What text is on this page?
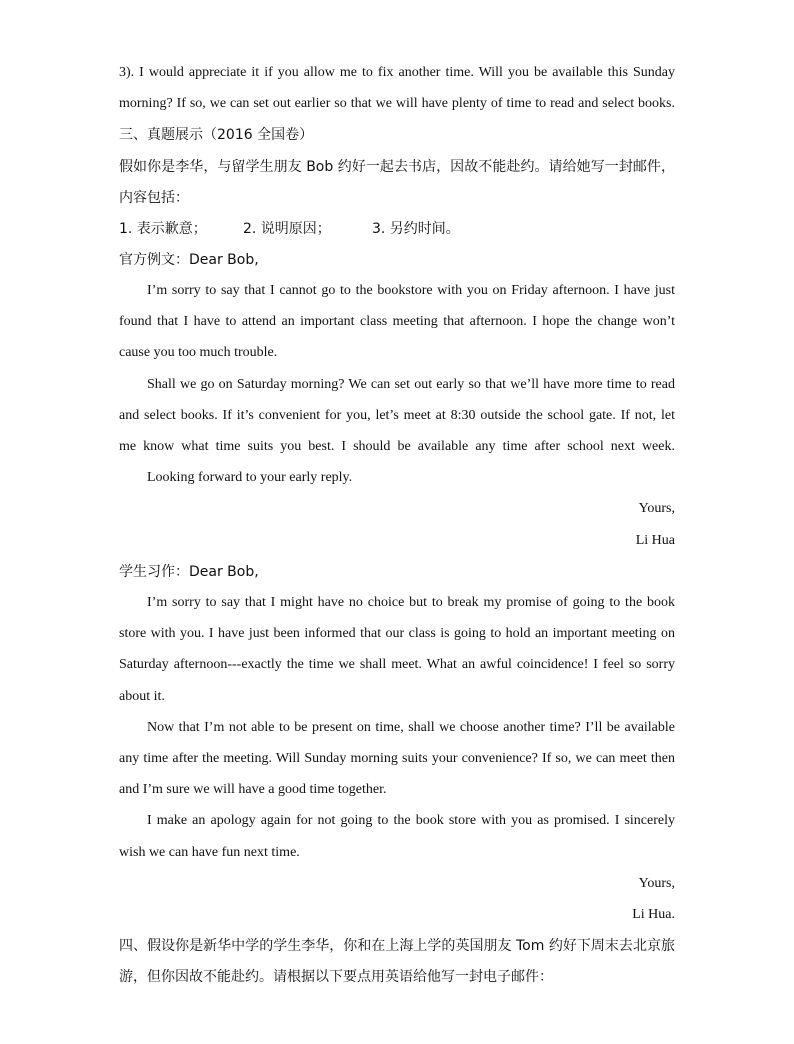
3). I would appreciate it if you allow me to fix another time. Will you be available this Sunday
morning? If so, we can set out earlier so that we will have plenty of time to read and select books.
三、真题展示（2016 全国卷）
假如你是李华，与留学生朋友 Bob 约好一起去书店，因故不能赴约。请给她写一封邮件，
内容包括：
1. 表示歉意；	2. 说明原因；	3. 另约时间。
官方例文：Dear Bob,
I’m sorry to say that I cannot go to the bookstore with you on Friday afternoon. I have just
found that I have to attend an important class meeting that afternoon. I hope the change won’t
cause you too much trouble.
Shall we go on Saturday morning? We can set out early so that we’ll have more time to read
and select books. If it’s convenient for you, let’s meet at 8:30 outside the school gate. If not, let
me know what time suits you best. I should be available any time after school next week.
Looking forward to your early reply.
Yours,
Li Hua
学生习作：Dear Bob,
I’m sorry to say that I might have no choice but to break my promise of going to the book
store with you. I have just been informed that our class is going to hold an important meeting on
Saturday afternoon---exactly the time we shall meet. What an awful coincidence! I feel so sorry
about it.
Now that I’m not able to be present on time, shall we choose another time? I’ll be available
any time after the meeting. Will Sunday morning suits your convenience? If so, we can meet then
and I’m sure we will have a good time together.
I make an apology again for not going to the book store with you as promised. I sincerely
wish we can have fun next time.
Yours,
Li Hua.
四、假设你是新华中学的学生李华，你和在上海上学的英国朋友 Tom 约好下周末去北京旅
游，但你因故不能赴约。请根据以下要点用英语给他写一封电子邮件：
